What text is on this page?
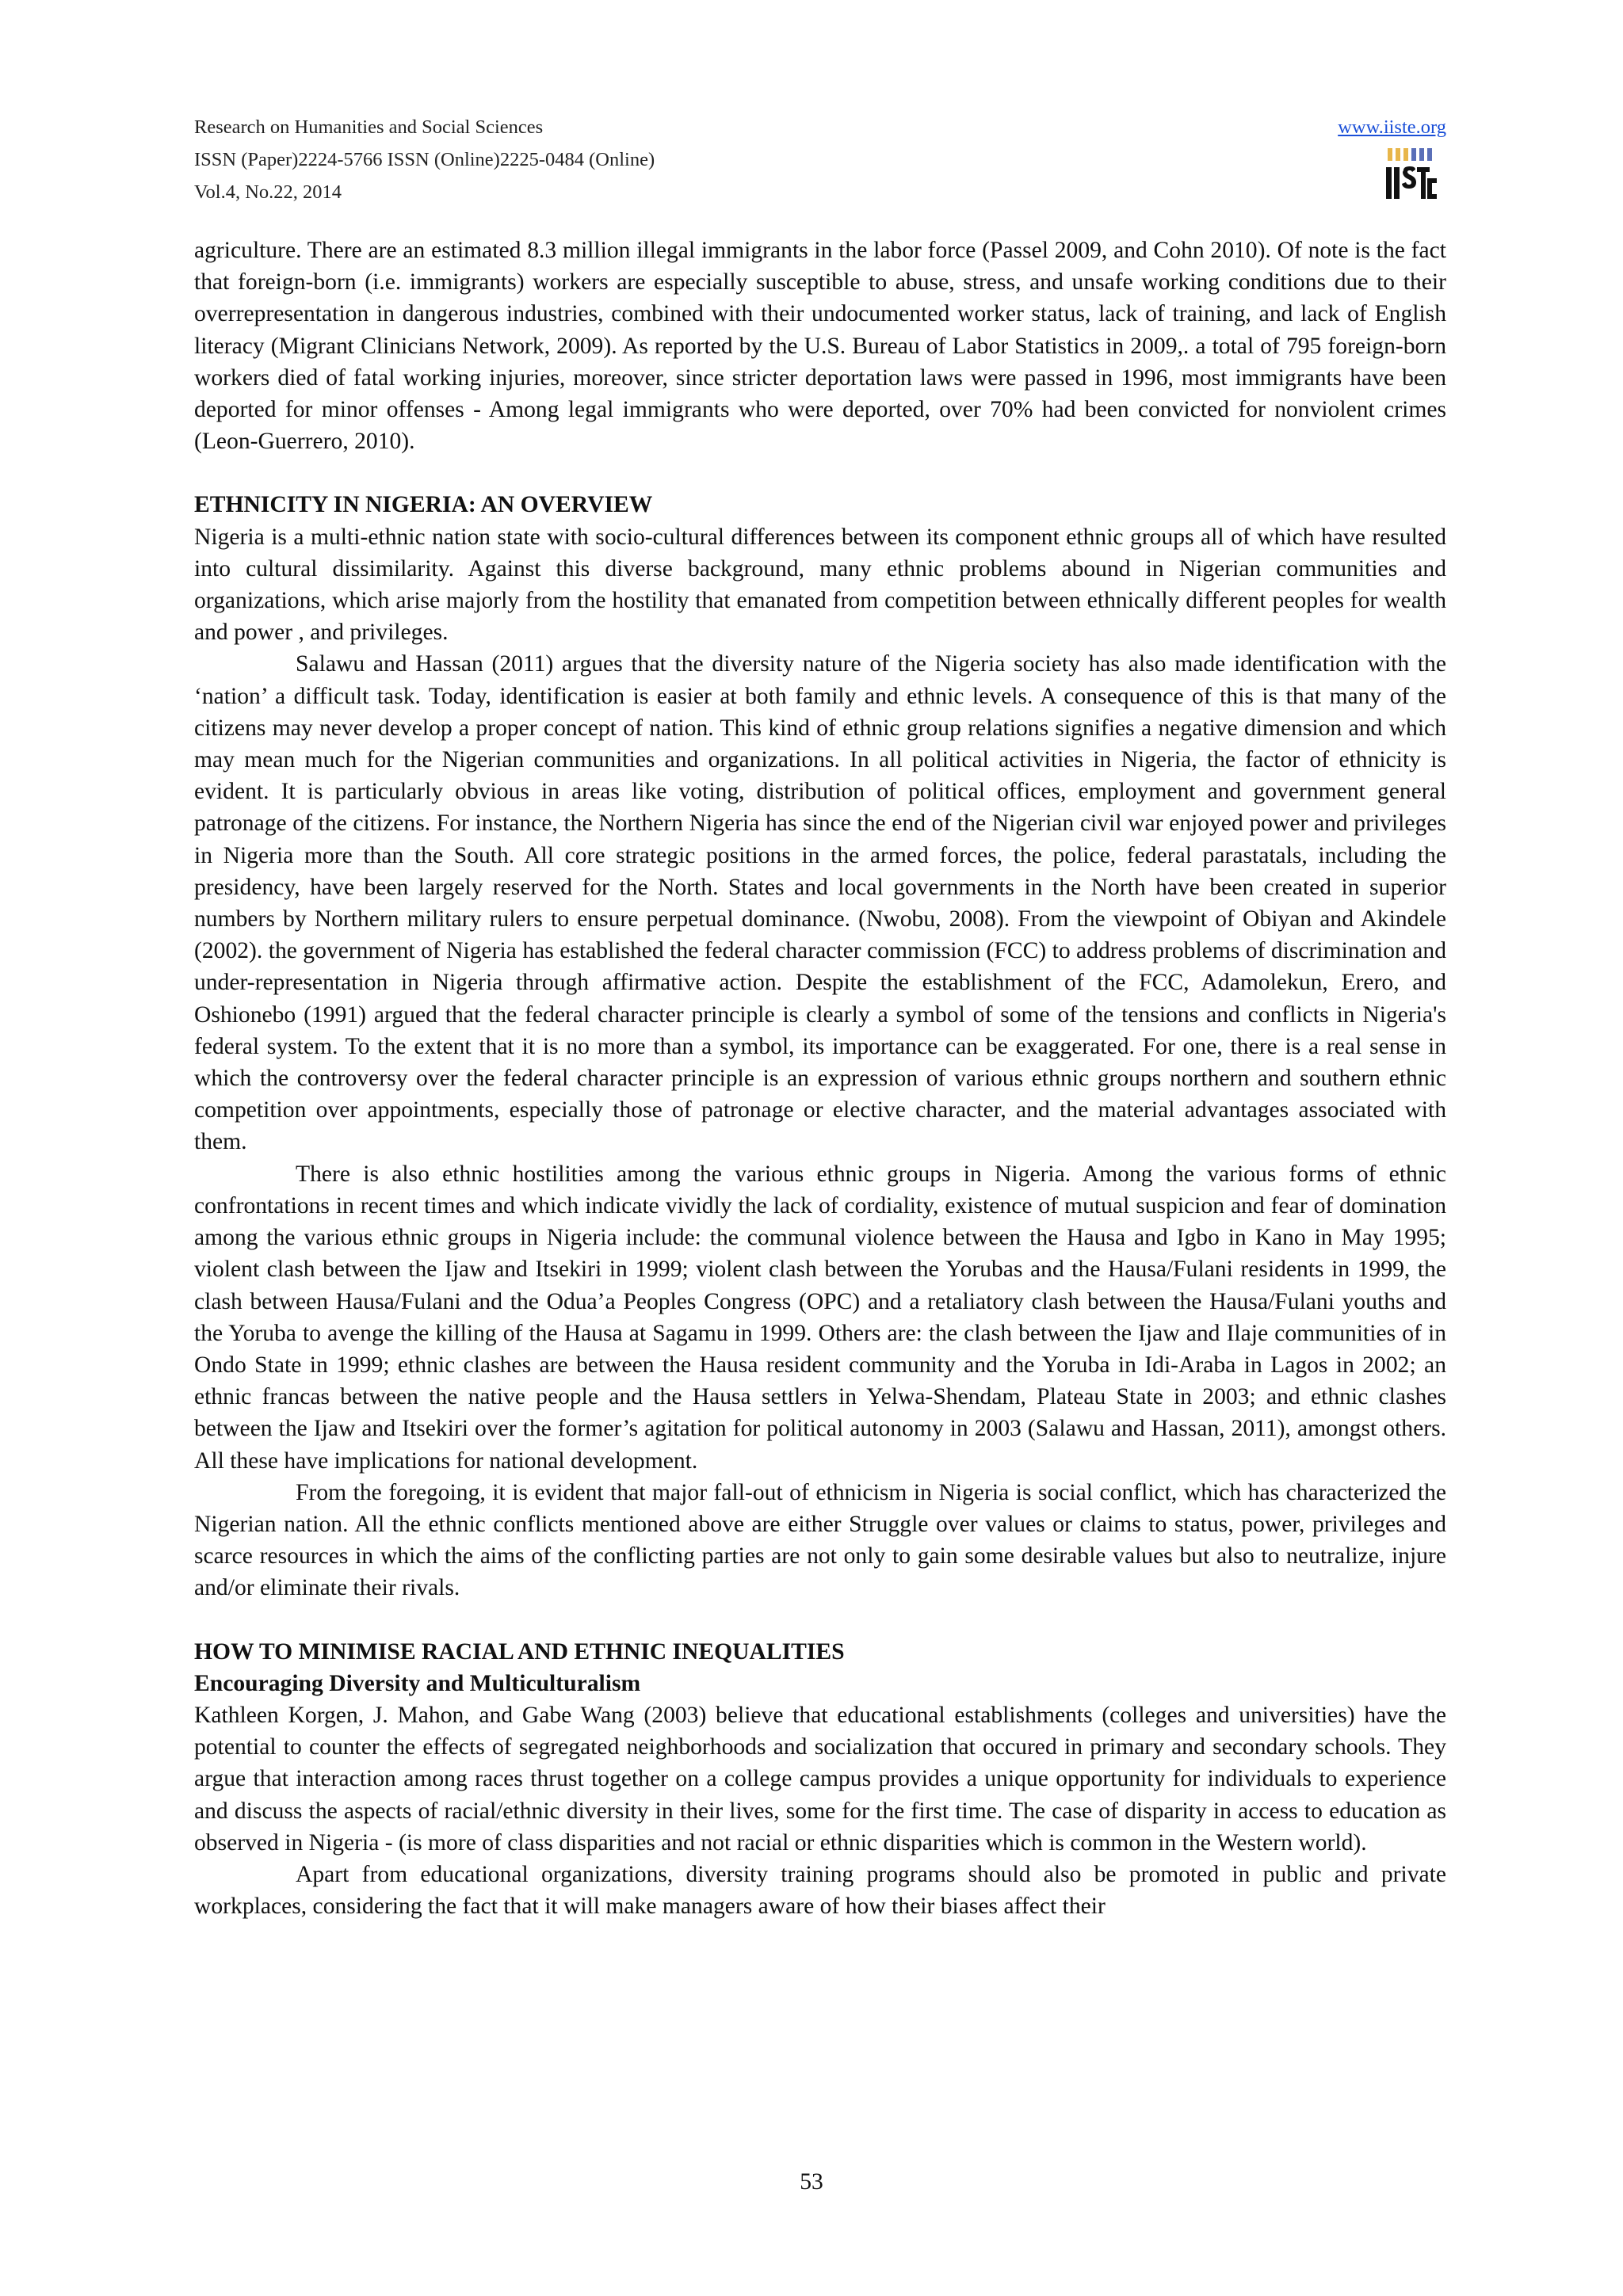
Research on Humanities and Social Sciences
ISSN (Paper)2224-5766 ISSN (Online)2225-0484 (Online)
Vol.4, No.22, 2014
www.iiste.org

agriculture. There are an estimated 8.3 million illegal immigrants in the labor force (Passel 2009, and Cohn 2010). Of note is the fact that foreign-born (i.e. immigrants) workers are especially susceptible to abuse, stress, and unsafe working conditions due to their overrepresentation in dangerous industries, combined with their undocumented worker status, lack of training, and lack of English literacy (Migrant Clinicians Network, 2009). As reported by the U.S. Bureau of Labor Statistics in 2009,. a total of 795 foreign-born workers died of fatal working injuries, moreover, since stricter deportation laws were passed in 1996, most immigrants have been deported for minor offenses - Among legal immigrants who were deported, over 70% had been convicted for nonviolent crimes (Leon-Guerrero, 2010).

ETHNICITY IN NIGERIA: AN OVERVIEW

Nigeria is a multi-ethnic nation state with socio-cultural differences between its component ethnic groups all of which have resulted into cultural dissimilarity. Against this diverse background, many ethnic problems abound in Nigerian communities and organizations, which arise majorly from the hostility that emanated from competition between ethnically different peoples for wealth and power , and privileges.

Salawu and Hassan (2011) argues that the diversity nature of the Nigeria society has also made identification with the ‘nation’ a difficult task. Today, identification is easier at both family and ethnic levels. A consequence of this is that many of the citizens may never develop a proper concept of nation. This kind of ethnic group relations signifies a negative dimension and which may mean much for the Nigerian communities and organizations. In all political activities in Nigeria, the factor of ethnicity is evident. It is particularly obvious in areas like voting, distribution of political offices, employment and government general patronage of the citizens. For instance, the Northern Nigeria has since the end of the Nigerian civil war enjoyed power and privileges in Nigeria more than the South. All core strategic positions in the armed forces, the police, federal parastatals, including the presidency, have been largely reserved for the North. States and local governments in the North have been created in superior numbers by Northern military rulers to ensure perpetual dominance. (Nwobu, 2008). From the viewpoint of Obiyan and Akindele (2002). the government of Nigeria has established the federal character commission (FCC) to address problems of discrimination and under-representation in Nigeria through affirmative action. Despite the establishment of the FCC, Adamolekun, Erero, and Oshionebo (1991) argued that the federal character principle is clearly a symbol of some of the tensions and conflicts in Nigeria's federal system. To the extent that it is no more than a symbol, its importance can be exaggerated. For one, there is a real sense in which the controversy over the federal character principle is an expression of various ethnic groups northern and southern ethnic competition over appointments, especially those of patronage or elective character, and the material advantages associated with them.

There is also ethnic hostilities among the various ethnic groups in Nigeria. Among the various forms of ethnic confrontations in recent times and which indicate vividly the lack of cordiality, existence of mutual suspicion and fear of domination among the various ethnic groups in Nigeria include: the communal violence between the Hausa and Igbo in Kano in May 1995; violent clash between the Ijaw and Itsekiri in 1999; violent clash between the Yorubas and the Hausa/Fulani residents in 1999, the clash between Hausa/Fulani and the Odua’a Peoples Congress (OPC) and a retaliatory clash between the Hausa/Fulani youths and the Yoruba to avenge the killing of the Hausa at Sagamu in 1999. Others are: the clash between the Ijaw and Ilaje communities of in Ondo State in 1999; ethnic clashes are between the Hausa resident community and the Yoruba in Idi-Araba in Lagos in 2002; an ethnic francas between the native people and the Hausa settlers in Yelwa-Shendam, Plateau State in 2003; and ethnic clashes between the Ijaw and Itsekiri over the former’s agitation for political autonomy in 2003 (Salawu and Hassan, 2011), amongst others. All these have implications for national development.

From the foregoing, it is evident that major fall-out of ethnicism in Nigeria is social conflict, which has characterized the Nigerian nation. All the ethnic conflicts mentioned above are either Struggle over values or claims to status, power, privileges and scarce resources in which the aims of the conflicting parties are not only to gain some desirable values but also to neutralize, injure and/or eliminate their rivals.

HOW TO MINIMISE RACIAL AND ETHNIC INEQUALITIES
Encouraging Diversity and Multiculturalism

Kathleen Korgen, J. Mahon, and Gabe Wang (2003) believe that educational establishments (colleges and universities) have the potential to counter the effects of segregated neighborhoods and socialization that occured in primary and secondary schools. They argue that interaction among races thrust together on a college campus provides a unique opportunity for individuals to experience and discuss the aspects of racial/ethnic diversity in their lives, some for the first time. The case of disparity in access to education as observed in Nigeria - (is more of class disparities and not racial or ethnic disparities which is common in the Western world).

Apart from educational organizations, diversity training programs should also be promoted in public and private workplaces, considering the fact that it will make managers aware of how their biases affect their

53
